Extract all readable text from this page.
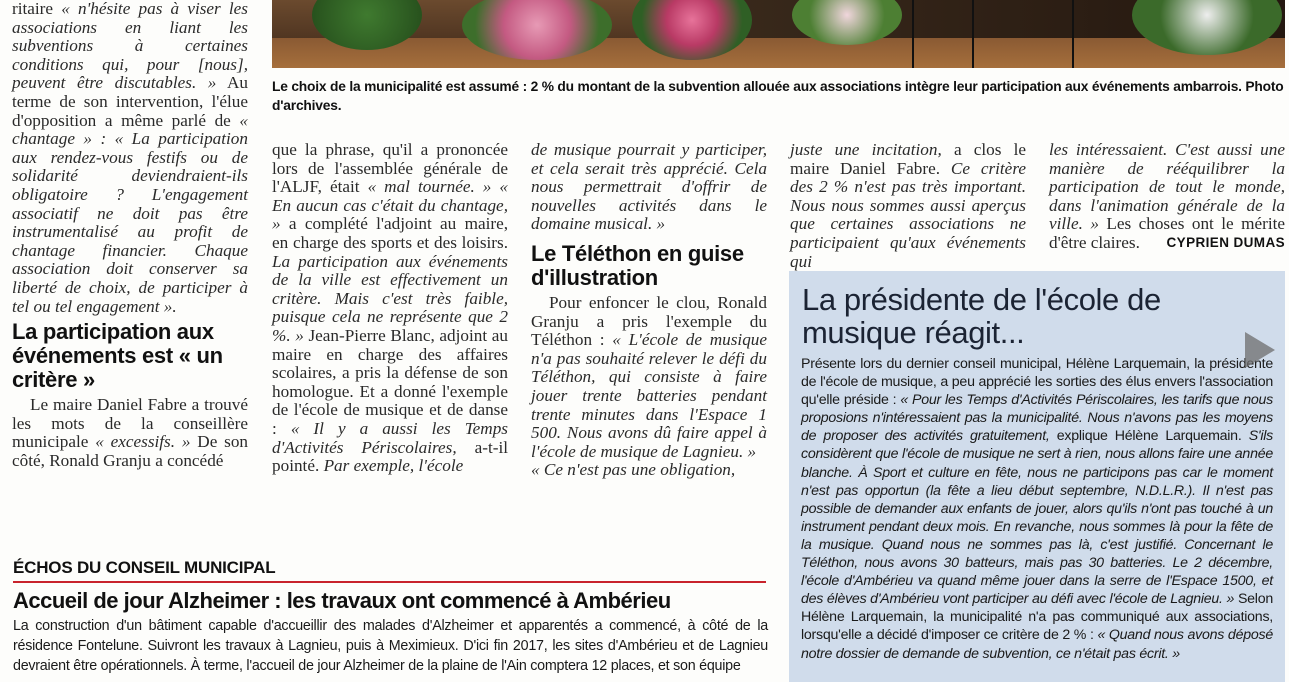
Le choix de la municipalité est assumé : 2 % du montant de la subvention allouée aux associations intègre leur participation aux événements ambarrois. Photo d'archives.

ritaire « n'hésite pas à viser les associations en liant les subventions à certaines conditions qui, pour [nous], peuvent être discutables. » Au terme de son intervention, l'élue d'opposition a même parlé de « chantage » : « La participation aux rendez-vous festifs ou de solidarité deviendraient-ils obligatoire ? L'engagement associatif ne doit pas être instrumentalisé au profit de chantage financier. Chaque association doit conserver sa liberté de choix, de participer à tel ou tel engagement ».

La participation aux événements est « un critère »

Le maire Daniel Fabre a trouvé les mots de la conseillère municipale « excessifs. » De son côté, Ronald Granju a concédé

que la phrase, qu'il a prononcée lors de l'assemblée générale de l'ALJF, était « mal tournée. » « En aucun cas c'était du chantage, » a complété l'adjoint au maire, en charge des sports et des loisirs. La participation aux événements de la ville est effectivement un critère. Mais c'est très faible, puisque cela ne représente que 2 %. » Jean-Pierre Blanc, adjoint au maire en charge des affaires scolaires, a pris la défense de son homologue. Et a donné l'exemple de l'école de musique et de danse : « Il y a aussi les Temps d'Activités Périscolaires, a-t-il pointé. Par exemple, l'école

de musique pourrait y participer, et cela serait très apprécié. Cela nous permettrait d'offrir de nouvelles activités dans le domaine musical. »

Le Téléthon en guise d'illustration

Pour enfoncer le clou, Ronald Granju a pris l'exemple du Téléthon : « L'école de musique n'a pas souhaité relever le défi du Téléthon, qui consiste à faire jouer trente batteries pendant trente minutes dans l'Espace 1 500. Nous avons dû faire appel à l'école de musique de Lagnieu. »

« Ce n'est pas une obligation,

juste une incitation, a clos le maire Daniel Fabre. Ce critère des 2 % n'est pas très important. Nous nous sommes aussi aperçus que certaines associations ne participaient qu'aux événements qui

les intéressaient. C'est aussi une manière de rééquilibrer la participation de tout le monde, dans l'animation générale de la ville. » Les choses ont le mérite d'être claires. CYPRIEN DUMAS

La présidente de l'école de musique réagit...
Présente lors du dernier conseil municipal, Hélène Larquemain, la présidente de l'école de musique, a peu apprécié les sorties des élus envers l'association qu'elle préside : « Pour les Temps d'Activités Périscolaires, les tarifs que nous proposions n'intéressaient pas la municipalité. Nous n'avons pas les moyens de proposer des activités gratuitement, explique Hélène Larquemain. S'ils considèrent que l'école de musique ne sert à rien, nous allons faire une année blanche. À Sport et culture en fête, nous ne participons pas car le moment n'est pas opportun (la fête a lieu début septembre, N.D.L.R.). Il n'est pas possible de demander aux enfants de jouer, alors qu'ils n'ont pas touché à un instrument pendant deux mois. En revanche, nous sommes là pour la fête de la musique. Quand nous ne sommes pas là, c'est justifié. Concernant le Téléthon, nous avons 30 batteurs, mais pas 30 batteries. Le 2 décembre, l'école d'Ambérieu va quand même jouer dans la serre de l'Espace 1500, et des élèves d'Ambérieu vont participer au défi avec l'école de Lagnieu. » Selon Hélène Larquemain, la municipalité n'a pas communiqué aux associations, lorsqu'elle a décidé d'imposer ce critère de 2 % : « Quand nous avons déposé notre dossier de demande de subvention, ce n'était pas écrit. »
ÉCHOS DU CONSEIL MUNICIPAL
Accueil de jour Alzheimer : les travaux ont commencé à Ambérieu
La construction d'un bâtiment capable d'accueillir des malades d'Alzheimer et apparentés a commencé, à côté de la résidence Fontelune. Suivront les travaux à Lagnieu, puis à Meximieux. D'ici fin 2017, les sites d'Ambérieu et de Lagnieu devraient être opérationnels. À terme, l'accueil de jour Alzheimer de la plaine de l'Ain comptera 12 places, et son équipe
